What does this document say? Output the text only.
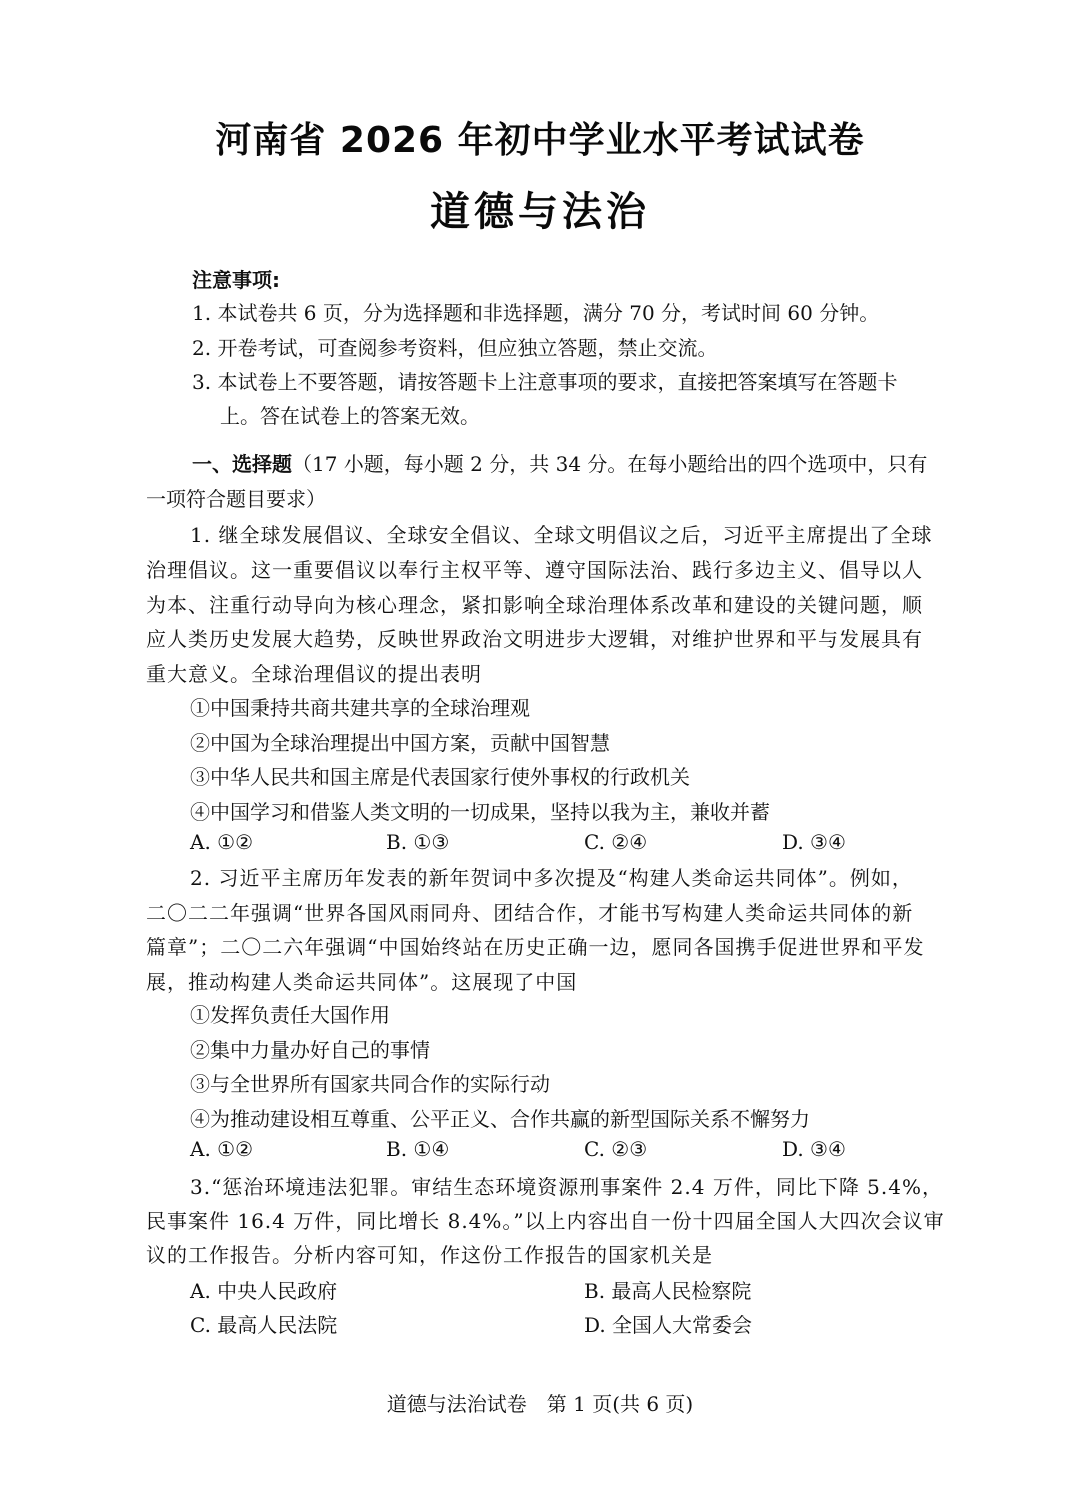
河南省 2026 年初中学业水平考试试卷
道德与法治
注意事项:
1. 本试卷共 6 页，分为选择题和非选择题，满分 70 分，考试时间 60 分钟。
2. 开卷考试，可查阅参考资料，但应独立答题，禁止交流。
3. 本试卷上不要答题，请按答题卡上注意事项的要求，直接把答案填写在答题卡
上。答在试卷上的答案无效。
一、选择题（17 小题，每小题 2 分，共 34 分。在每小题给出的四个选项中，只有
一项符合题目要求）
1. 继全球发展倡议、全球安全倡议、全球文明倡议之后，习近平主席提出了全球
治理倡议。这一重要倡议以奉行主权平等、遵守国际法治、践行多边主义、倡导以人
为本、注重行动导向为核心理念，紧扣影响全球治理体系改革和建设的关键问题，顺
应人类历史发展大趋势，反映世界政治文明进步大逻辑，对维护世界和平与发展具有
重大意义。全球治理倡议的提出表明
①中国秉持共商共建共享的全球治理观
②中国为全球治理提出中国方案，贡献中国智慧
③中华人民共和国主席是代表国家行使外事权的行政机关
④中国学习和借鉴人类文明的一切成果，坚持以我为主，兼收并蓄
A. ①②	B. ①③	C. ②④	D. ③④
2. 习近平主席历年发表的新年贺词中多次提及“构建人类命运共同体”。例如，
二〇二二年强调“世界各国风雨同舟、团结合作，才能书写构建人类命运共同体的新
篇章”；二〇二六年强调“中国始终站在历史正确一边，愿同各国携手促进世界和平发
展，推动构建人类命运共同体”。这展现了中国
①发挥负责任大国作用
②集中力量办好自己的事情
③与全世界所有国家共同合作的实际行动
④为推动建设相互尊重、公平正义、合作共赢的新型国际关系不懈努力
A. ①②	B. ①④	C. ②③	D. ③④
3.“惩治环境违法犯罪。审结生态环境资源刑事案件 2.4 万件，同比下降 5.4%，
民事案件 16.4 万件，同比增长 8.4%。”以上内容出自一份十四届全国人大四次会议审
议的工作报告。分析内容可知，作这份工作报告的国家机关是
A. 中央人民政府	B. 最高人民检察院
C. 最高人民法院	D. 全国人大常委会
道德与法治试卷　第 1 页(共 6 页)
